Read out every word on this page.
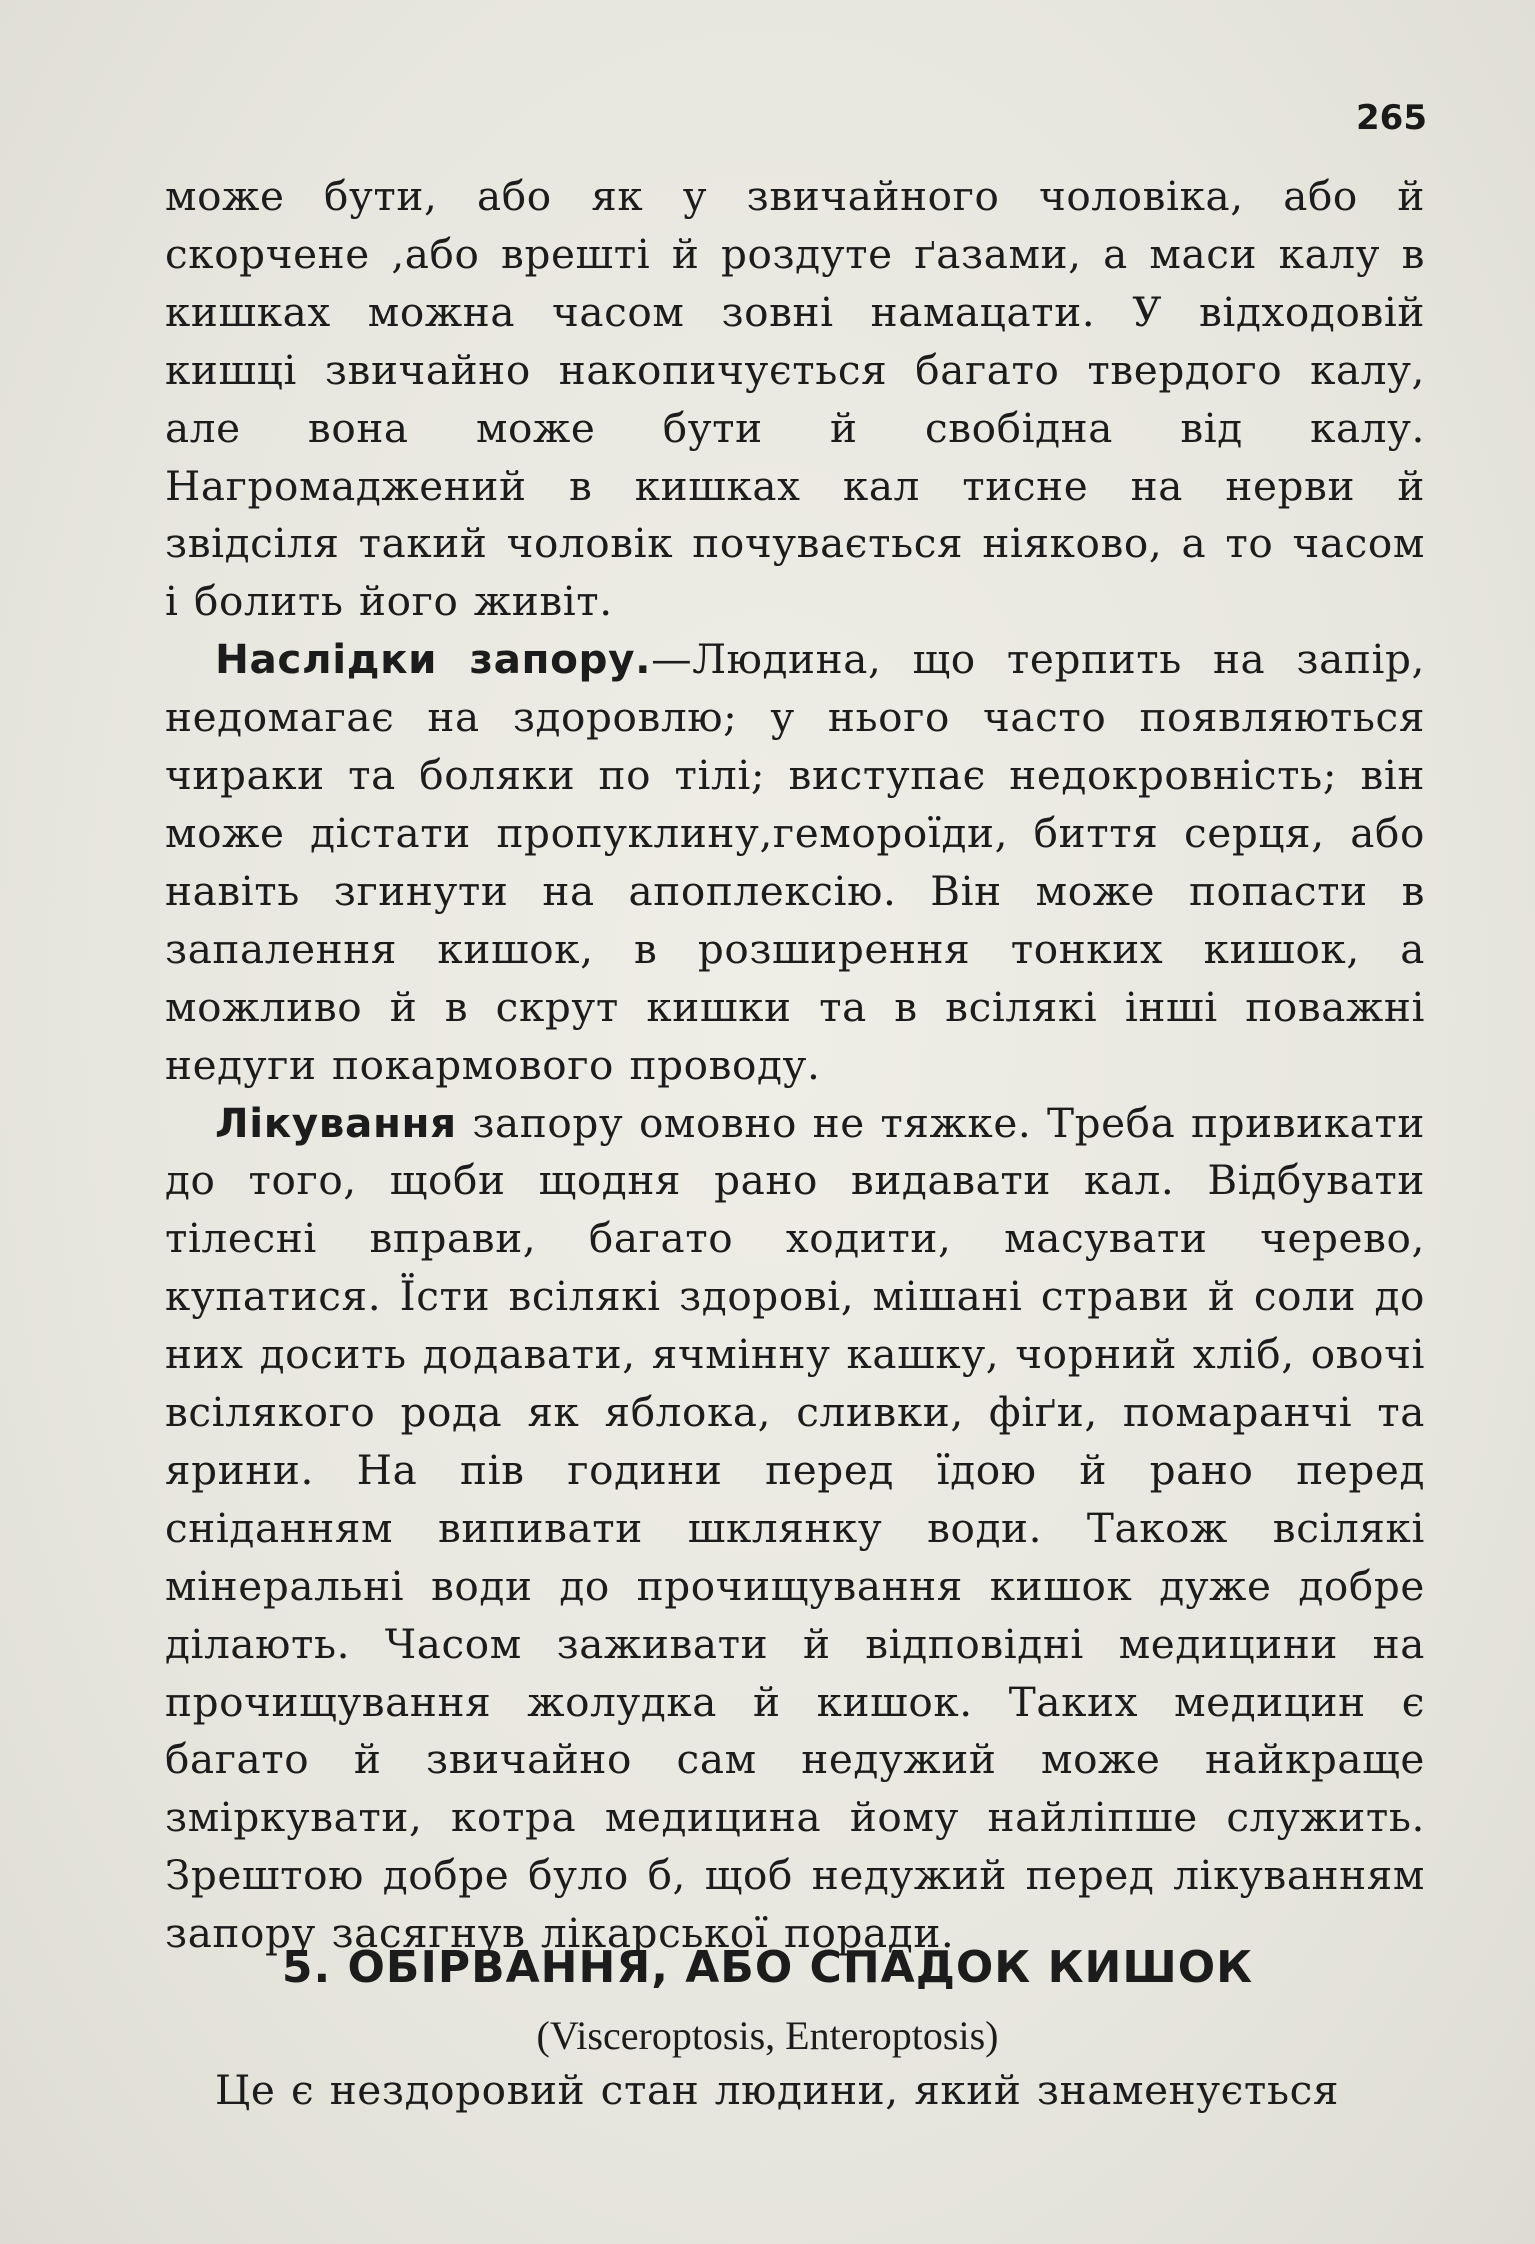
265

може бути, або як у звичайного чоловіка, або й скорчене ,або врешті й роздуте ґазами, а маси калу в кишках можна часом зовні намацати. У відходовій кишці звичайно накопичується багато твердого калу, але вона може бути й свобідна від калу. Нагромаджений в кишках кал тисне на нерви й звідсіля такий чоловік почувається ніяково, а то часом і болить його живіт.

Наслідки запору.—Людина, що терпить на запір, недомагає на здоровлю; у нього часто появляються чираки та боляки по тілі; виступає недокровність; він може дістати пропуклину,гемороїди, биття серця, або навіть згинути на апоплексію. Він може попасти в запалення кишок, в розширення тонких кишок, а можливо й в скрут кишки та в всілякі інші поважні недуги покармового проводу.

Лікування запору омовно не тяжке. Треба привикати до того, щоби щодня рано видавати кал. Відбувати тілесні вправи, багато ходити, масувати черево, купатися. Їсти всілякі здорові, мішані страви й соли до них досить додавати, ячмінну кашку, чорний хліб, овочі всілякого рода як яблока, сливки, фіґи, помаранчі та ярини. На пів години перед їдою й рано перед сніданням випивати шклянку води. Також всілякі мінеральні води до прочищування кишок дуже добре ділають. Часом заживати й відповідні медицини на прочищування жолудка й кишок. Таких медицин є багато й звичайно сам недужий може найкраще зміркувати, котра медицина йому найліпше служить. Зрештою добре було б, щоб недужий перед лікуванням запору засягнув лікарської поради.

5. ОБІРВАННЯ, АБО СПАДОК КИШОК

(Visceroptosis, Enteroptosis)

Це є нездоровий стан людини, який знаменується
